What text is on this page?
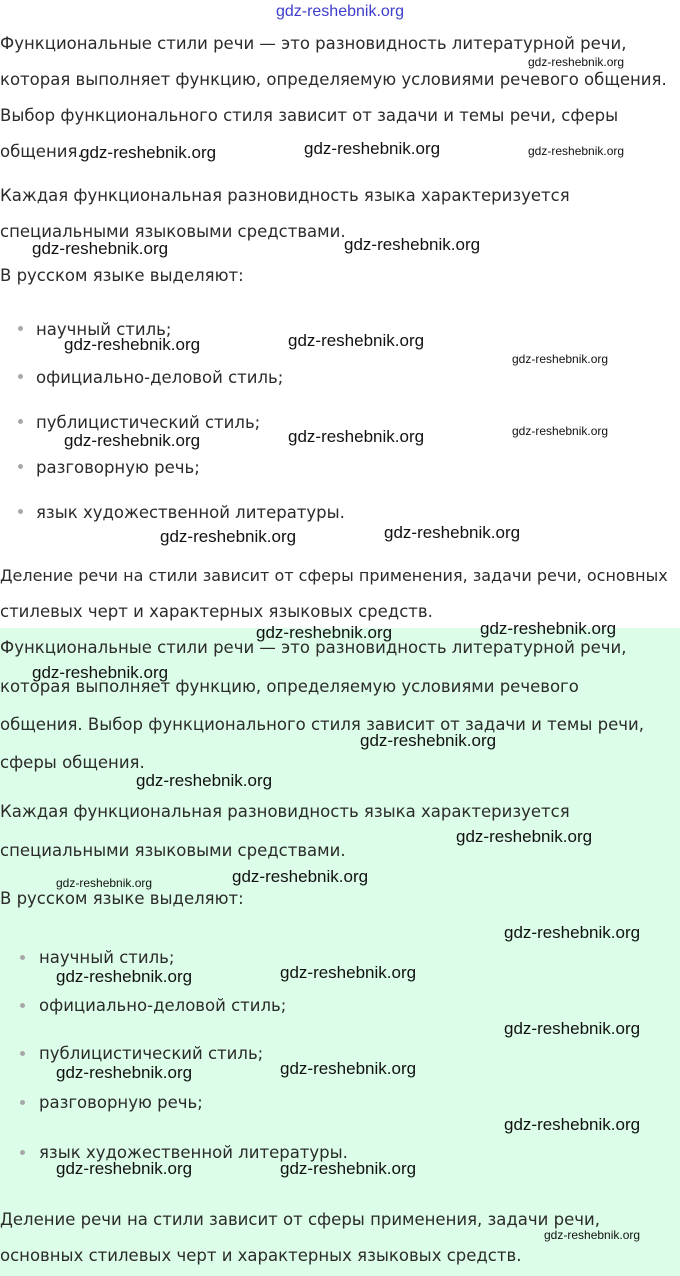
gdz-reshebnik.org
Функциональные стили речи — это разновидность литературной речи,
которая выполняет функцию, определяемую условиями речевого общения.
Выбор функционального стиля зависит от задачи и темы речи, сферы
общения.
Каждая функциональная разновидность языка характеризуется
специальными языковыми средствами.
В русском языке выделяют:
научный стиль;
официально-деловой стиль;
публицистический стиль;
разговорную речь;
язык художественной литературы.
Деление речи на стили зависит от сферы применения, задачи речи, основных
стилевых черт и характерных языковых средств.
Функциональные стили речи — это разновидность литературной речи,
которая выполняет функцию, определяемую условиями речевого
общения. Выбор функционального стиля зависит от задачи и темы речи,
сферы общения.
Каждая функциональная разновидность языка характеризуется
специальными языковыми средствами.
В русском языке выделяют:
научный стиль;
официально-деловой стиль;
публицистический стиль;
разговорную речь;
язык художественной литературы.
Деление речи на стили зависит от сферы применения, задачи речи,
основных стилевых черт и характерных языковых средств.
gdz-reshebnik.org
gdz-reshebnik.org	gdz-reshebnik.org	gdz-reshebnik.org
gdz-reshebnik.org	gdz-reshebnik.org
gdz-reshebnik.org	gdz-reshebnik.org
gdz-reshebnik.org
gdz-reshebnik.org	gdz-reshebnik.org	gdz-reshebnik.org
gdz-reshebnik.org	gdz-reshebnik.org
gdz-reshebnik.org	gdz-reshebnik.org
gdz-reshebnik.org
gdz-reshebnik.org
gdz-reshebnik.org
gdz-reshebnik.org
gdz-reshebnik.org	gdz-reshebnik.org
gdz-reshebnik.org
gdz-reshebnik.org	gdz-reshebnik.org
gdz-reshebnik.org
gdz-reshebnik.org	gdz-reshebnik.org
gdz-reshebnik.org
gdz-reshebnik.org	gdz-reshebnik.org
gdz-reshebnik.org
